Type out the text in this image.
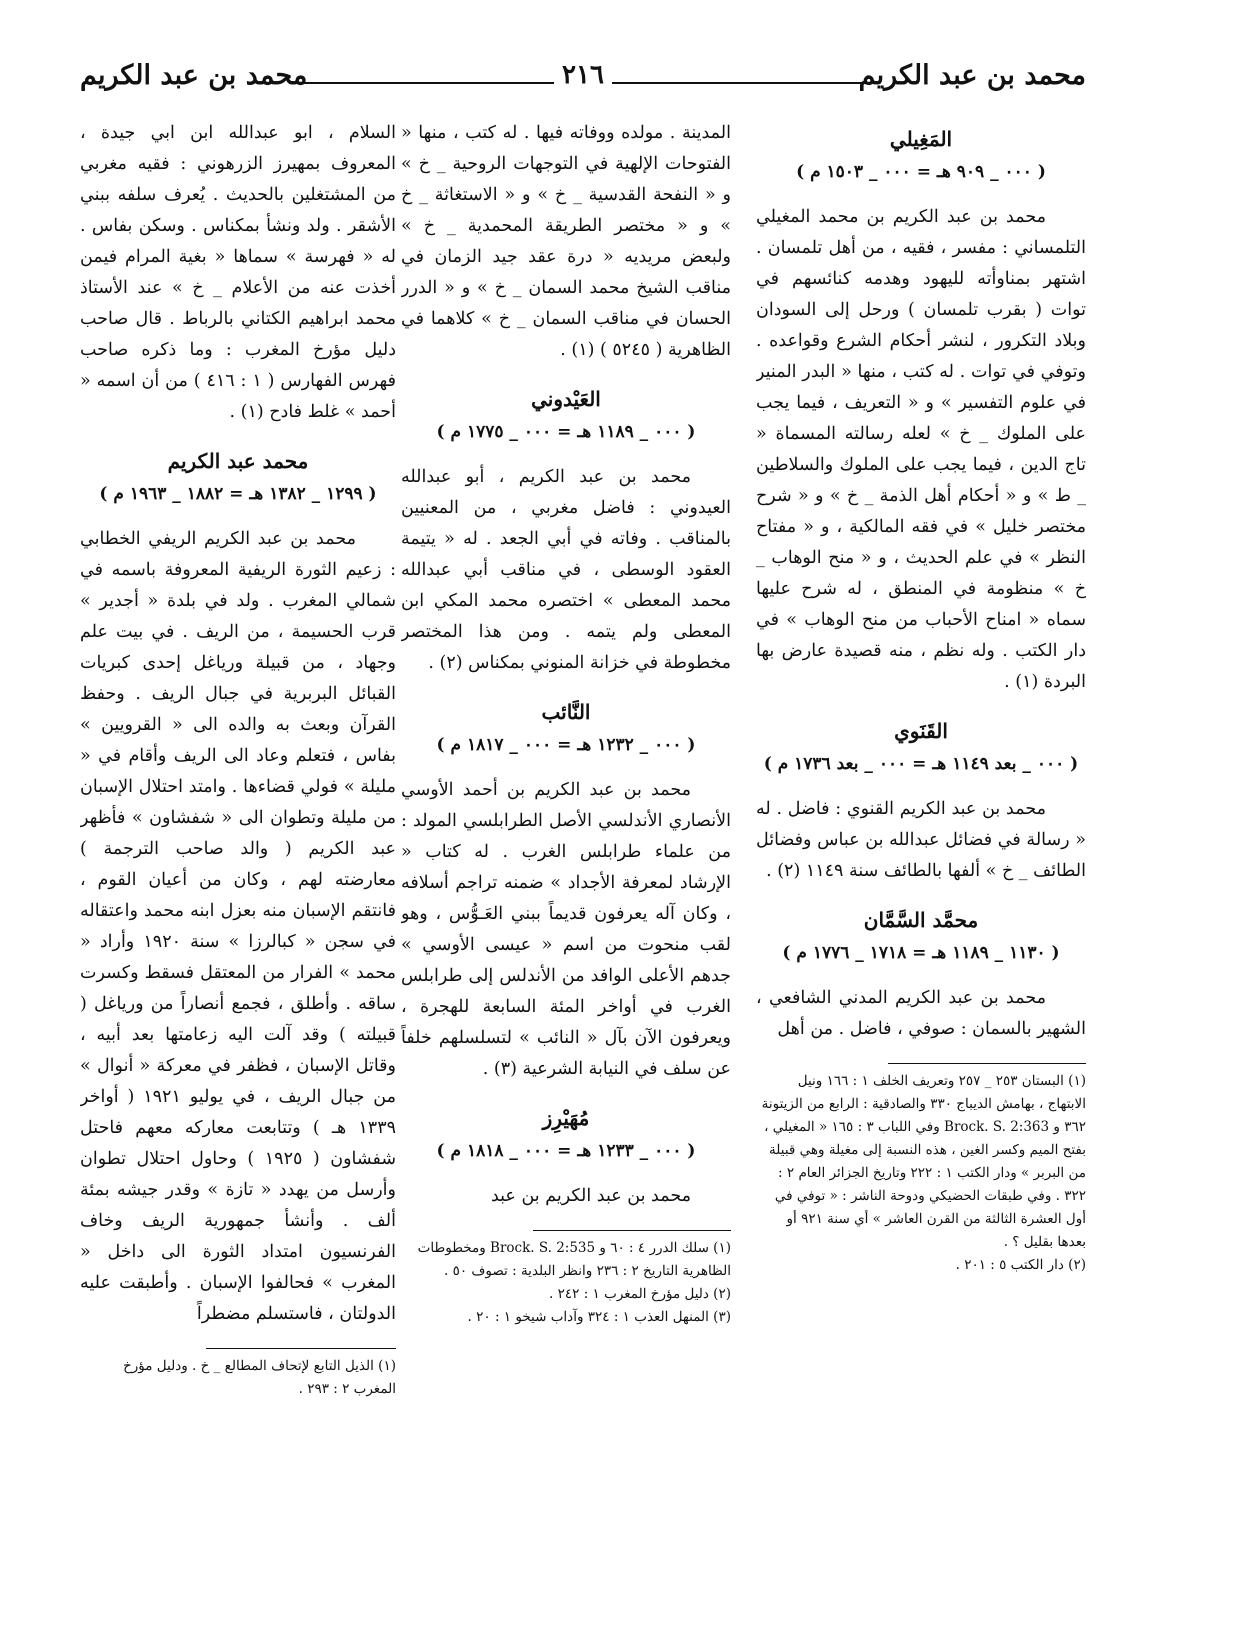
محمد بن عبد الكريم
٢١٦
محمد بن عبد الكريم
المَغِيلي
( ٠٠٠ _ ٩٠٩ هـ = ٠٠٠ _ ١٥٠٣ م )

محمد بن عبد الكريم بن محمد المغيلي التلمساني : مفسر ، فقيه ، من أهل تلمسان . اشتهر بمناوأته لليهود وهدمه كنائسهم في توات ( بقرب تلمسان ) ورحل إلى السودان وبلاد التكرور ، لنشر أحكام الشرع وقواعده . وتوفي في توات . له كتب ، منها « البدر المنير في علوم التفسير » و « التعريف ، فيما يجب على الملوك _ خ » لعله رسالته المسماة « تاج الدين ، فيما يجب على الملوك والسلاطين _ ط » و « أحكام أهل الذمة _ خ » و « شرح مختصر خليل » في فقه المالكية ، و « مفتاح النظر » في علم الحديث ، و « منح الوهاب _ خ » منظومة في المنطق ، له شرح عليها سماه « امناح الأحباب من منح الوهاب » في دار الكتب . وله نظم ، منه قصيدة عارض بها البردة (١) .

القَنَوي
( ٠٠٠ _ بعد ١١٤٩ هـ = ٠٠٠ _ بعد ١٧٣٦ م )

محمد بن عبد الكريم القنوي : فاضل . له « رسالة في فضائل عبدالله بن عباس وفضائل الطائف _ خ » ألفها بالطائف سنة ١١٤٩ (٢) .

محمَّد السَّمَّان
( ١١٣٠ _ ١١٨٩ هـ = ١٧١٨ _ ١٧٧٦ م )

محمد بن عبد الكريم المدني الشافعي ، الشهير بالسمان : صوفي ، فاضل . من أهل

(١) البستان ٢٥٣ _ ٢٥٧ وتعريف الخلف ١ : ١٦٦ ونيل الابتهاج ، بهامش الديباج ٣٣٠ والصادقية : الرابع من الزيتونة ٣٦٢ و Brock. S. 2:363 وفي اللباب ٣ : ١٦٥ « المغيلي ، بفتح الميم وكسر الغين ، هذه النسبة إلى مغيلة وهي قبيلة من البربر » ودار الكتب ١ : ٢٢٢ وتاريخ الجزائر العام ٢ : ٣٢٢ . وفي طبقات الحضيكي ودوحة الناشر : « توفي في أول العشرة الثالثة من القرن العاشر » أي سنة ٩٢١ أو بعدها بقليل ؟ .

(٢) دار الكتب ٥ : ٢٠١ .

المدينة . مولده ووفاته فيها . له كتب ، منها « الفتوحات الإلهية في التوجهات الروحية _ خ » و « النفحة القدسية _ خ » و « الاستغاثة _ خ » و « مختصر الطريقة المحمدية _ خ » ولبعض مريديه « درة عقد جيد الزمان في مناقب الشيخ محمد السمان _ خ » و « الدرر الحسان في مناقب السمان _ خ » كلاهما في الظاهرية ( ٥٢٤٥ ) (١) .

العَيْدوني
( ٠٠٠ _ ١١٨٩ هـ = ٠٠٠ _ ١٧٧٥ م )

محمد بن عبد الكريم ، أبو عبدالله العيدوني : فاضل مغربي ، من المعنيين بالمناقب . وفاته في أبي الجعد . له « يتيمة العقود الوسطى ، في مناقب أبي عبدالله محمد المعطى » اختصره محمد المكي ابن المعطى ولم يتمه . ومن هذا المختصر مخطوطة في خزانة المنوني بمكناس (٢) .

النَّائب
( ٠٠٠ _ ١٢٣٢ هـ = ٠٠٠ _ ١٨١٧ م )

محمد بن عبد الكريم بن أحمد الأوسي الأنصاري الأندلسي الأصل الطرابلسي المولد : من علماء طرابلس الغرب . له كتاب « الإرشاد لمعرفة الأجداد » ضمنه تراجم أسلافه ، وكان آله يعرفون قديماً ببني العَـوُّس ، وهو لقب منحوت من اسم « عيسى الأوسي » جدهم الأعلى الوافد من الأندلس إلى طرابلس الغرب في أواخر المئة السابعة للهجرة ، ويعرفون الآن بآل « النائب » لتسلسلهم خلفاً عن سلف في النيابة الشرعية (٣) .

مُهَيْرِز
( ٠٠٠ _ ١٢٣٣ هـ = ٠٠٠ _ ١٨١٨ م )

محمد بن عبد الكريم بن عبد

(١) سلك الدرر ٤ : ٦٠ و Brock. S. 2:535 ومخطوطات الظاهرية التاريخ ٢ : ٢٣٦ وانظر البلدية : تصوف ٥٠ .

(٢) دليل مؤرخ المغرب ١ : ٢٤٢ .

(٣) المنهل العذب ١ : ٣٢٤ وآداب شيخو ١ : ٢٠ .

السلام ، ابو عبدالله ابن ابي جيدة ، المعروف بمهيرز الزرهوني : فقيه مغربي من المشتغلين بالحديث . يُعرف سلفه ببني الأشقر . ولد ونشأ بمكناس . وسكن بفاس . له « فهرسة » سماها « بغية المرام فيمن أخذت عنه من الأعلام _ خ » عند الأستاذ محمد ابراهيم الكتاني بالرباط . قال صاحب دليل مؤرخ المغرب : وما ذكره صاحب فهرس الفهارس ( ١ : ٤١٦ ) من أن اسمه « أحمد » غلط فادح (١) .

محمد عبد الكريم
( ١٢٩٩ _ ١٣٨٢ هـ = ١٨٨٢ _ ١٩٦٣ م )

محمد بن عبد الكريم الريفي الخطابي : زعيم الثورة الريفية المعروفة باسمه في شمالي المغرب . ولد في بلدة « أجدير » قرب الحسيمة ، من الريف . في بيت علم وجهاد ، من قبيلة ورياغل إحدى كبريات القبائل البربرية في جبال الريف . وحفظ القرآن وبعث به والده الى « القرويين » بفاس ، فتعلم وعاد الى الريف وأقام في « مليلة » فولي قضاءها . وامتد احتلال الإسبان من مليلة وتطوان الى « شفشاون » فأظهر عبد الكريم ( والد صاحب الترجمة ) معارضته لهم ، وكان من أعيان القوم ، فانتقم الإسبان منه بعزل ابنه محمد واعتقاله في سجن « كبالرزا » سنة ١٩٢٠ وأراد « محمد » الفرار من المعتقل فسقط وكسرت ساقه . وأطلق ، فجمع أنصاراً من ورياغل ( قبيلته ) وقد آلت اليه زعامتها بعد أبيه ، وقاتل الإسبان ، فظفر في معركة « أنوال » من جبال الريف ، في يوليو ١٩٢١ ( أواخر ١٣٣٩ هـ ) وتتابعت معاركه معهم فاحتل شفشاون ( ١٩٢٥ ) وحاول احتلال تطوان وأرسل من يهدد « تازة » وقدر جيشه بمئة ألف . وأنشأ جمهورية الريف وخاف الفرنسيون امتداد الثورة الى داخل « المغرب » فحالفوا الإسبان . وأطبقت عليه الدولتان ، فاستسلم مضطراً

(١) الذيل التابع لإتحاف المطالع _ خ . ودليل مؤرخ المغرب ٢ : ٢٩٣ .
